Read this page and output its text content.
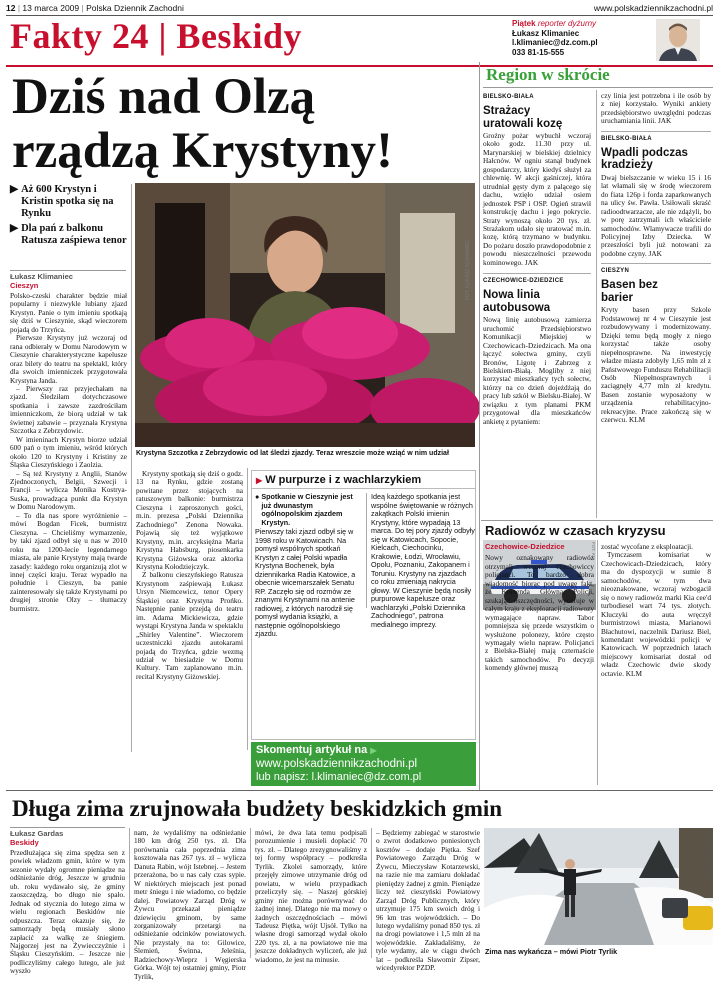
12 | 13 marca 2009 | Polska Dziennik Zachodni	www.polskadziennikzachodni.pl
Fakty 24 | Beskidy	Piątek reporter dyżurny
Łukasz Klimaniec
l.klimaniec@dz.com.pl
033 81-15-555
Dziś nad Olzą
rządzą Krystyny!
▶ Aż 600 Krystyn i Kristin spotka się na Rynku
▶ Dla pań z balkonu Ratusza zaśpiewa tenor
Łukasz Klimaniec
Cieszyn

Polsko-czeski charakter będzie miał popularny i niezwykle lubiany zjazd Krystyn. Panie o tym imieniu spotkają się dziś w Cieszynie, skąd wieczorem pojadą do Trzyńca.

Pierwsze Krystyny już wczoraj od rana odbierały w Domu Narodowym w Cieszynie charakterystyczne kapelusze oraz bilety do teatru na spektakl, który dla swoich imienniczek przygotowała Krystyna Janda.

– Pierwszy raz przyjechałam na zjazd. Śledziłam dotychczasowe spotkania i zawsze zazdrościłam imienniczkom, że biorą udział w tak świetnej zabawie – przyznała Krystyna Szczotka z Zebrzydowic.

W imieninach Krystyn biorze udział 600 pań o tym imieniu, wśród których około 120 to Krystyny i Kristiny ze Śląska Cieszyńskiego i Zaolzia.

– Są też Krystyny z Anglii, Stanów Zjednoczonych, Belgii, Szwecji i Francji – wylicza Monika Kostrya-Suska, prowadząca punkt dla Krystyn w Domu Narodowym.

– To dla nas spore wyróżnienie – mówi Bogdan Ficek, burmistrz Cieszyna. – Chcieliśmy wymarzenie, by taki zjazd odbył się u nas w 2010 roku na 1200-lecie legendarnego miasta, ale panie Krystyny mają twarde zasady: każdego roku organizują zlot w innej części kraju. Teraz wypadło na południe i Cieszyn, ba panie zainteresowały się także Krystynami po drugiej stronie Olzy – tłumaczy burmistrz.

FOT. ŁUKASZ KLIMANIEC
Krystyna Szczotka z Zebrzydowic od lat śledzi zjazdy. Teraz wreszcie może wziąć w nim udział

Krystyny spotkają się dziś o godz. 13 na Rynku, gdzie zostaną powitane przez stojących na ratuszowym balkonie: burmistrza Cieszyna i zaproszonych gości, m.in. prezesa „Polski Dziennika Zachodniego” Zenona Nowaka. Pojawią się też wyjątkowe Krystyny, m.in. arcyksiężna Maria Krystyna Habsburg, piosenkarka Krystyna Giżowska oraz aktorka Krystyna Kołodziejczyk.

Z balkonu cieszyńskiego Ratusza Krystynom zaśpiewają Łukasz Ursyn Niemcewicz, tenor Opery Śląskiej oraz Krystyna Prońko. Następnie panie przejdą do teatru im. Adama Mickiewicza, gdzie wystąpi Krystyna Janda w spektaklu „Shirley Valentine”. Wieczorem uczestniczki zjazdu autokarami pojadą do Trzyńca, gdzie wezmą udział w biesiadzie w Domu Kultury. Tam zaplanowano m.in. recital Krystyny Giżowskiej.

▶ W purpurze i z wachlarzykiem
● Spotkanie w Cieszynie jest już dwunastym ogólnopolskim zjazdem Krystyn.
Pierwszy taki zjazd odbył się w 1998 roku w Katowicach. Na pomysł wspólnych spotkań Krystyn z całej Polski wpadła Krystyna Bochenek, była dziennikarka Radia Katowice, a obecnie wicemarszałek Senatu RP. Zaczęło się od rozmów ze znanymi Krystynami na antenie radiowej, z których narodził się pomysł wydania książki, a następnie ogólnopolskiego zjazdu.
Ideą każdego spotkania jest wspólne świętowanie w różnych zakątkach Polski imienin Krystyny, które wypadają 13 marca. Do tej pory zjazdy odbyły się w Katowicach, Sopocie, Kielcach, Ciechocinku, Krakowie, Łodzi, Wrocławiu, Opolu, Poznaniu, Zakopanem i Toruniu. Krystyny na zjazdach co roku zmieniają nakrycia głowy. W Cieszynie będą nosiły purpurowe kapelusze oraz wachlarzyki „Polski Dziennika Zachodniego”, patrona medialnego imprezy.
Skomentuj artykuł na ▶
www.polskadziennikzachodni.pl
lub napisz: l.klimaniec@dz.com.pl
Region w skrócie
BIELSKO-BIAŁA
Strażacy uratowali kozę
Groźny pożar wybuchł wczoraj około godz. 11.30 przy ul. Marynarskiej w bielskiej dzielnicy Hałcnów. W ogniu stanął budynek gospodarczy, który kiedyś służył za chlewnię. W akcji gaśniczej, która utrudniał gęsty dym z palącego się dachu, wzięło udział osiem jednostek PSP i OSP. Ogień strawił konstrukcję dachu i jego pokrycie. Straty wynoszą około 20 tys. zł. Strażakom udało się uratować m.in. kozę, którą trzymano w budynku. Do pożaru doszło prawdopodobnie z powodu nieszczelności przewodu kominowego. JAK
CZECHOWICE-DZIEDZICE
Nowa linia autobusowa
Nową linię autobusową zamierza uruchomić Przedsiębiorstwo Komunikacji Miejskiej w Czechowicach-Dziedzicach. Ma ona łączyć sołectwa gminy, czyli Bronów, Ligotę i Zabrzeg z Bielskiem-Białą. Mogliby z niej korzystać mieszkańcy tych sołectw, którzy na co dzień dojeżdżają do pracy lub szkół w Bielsku-Białej. W związku z tym planami PKM przygotował dla mieszkańców ankietę z pytaniem:
czy linia jest potrzebna i ile osób by z niej korzystało. Wyniki ankiety przedsiębiorstwo uwzględni podczas uruchamiania linii. JAK
BIELSKO-BIAŁA
Wpadli podczas kradzieży
Dwaj bielszczanie w wieku 15 i 16 lat włamali się w środę wieczorem do fiata 126p i forda zaparkowanych na ulicy św. Pawła. Usiłowali skraść radioodtwarzacze, ale nie zdążyli, bo w porę zatrzymali ich właściciele samochodów. Wlamywacze trafili do Policyjnej Izby Dziecka. W przeszłości byli już notowani za podobne czyny. JAK
CIESZYN
Basen bez barier
Kryty basen przy Szkole Podstawowej nr 4 w Cieszynie jest rozbudowywany i modernizowany. Dzięki temu będą mogły z niego korzystać także osoby niepełnosprawne. Na inwestycję władze miasta zdobyły 1,65 mln zł z Państwowego Funduszu Rehabilitacji Osób Niepełnosprawnych i zaciągnęły 4,77 mln zł kredytu. Basen zostanie wyposażony w urządzenia rehabilitacyjno-rekreacyjne. Prace zakończą się w czerwcu. KLM
Radiowóz w czasach kryzysu
FOT. KIA
Czechowice-Dziedzice
Nowy oznakowany radiowóz otrzymali wczoraj czechowiccy policjanci. To bardzo dobra wiadomość biorąc pod uwagę fakt, że Komenda Główna Policji, szukając oszczędności, wycofuje w całym kraju z eksploatacji radiowozy wymagające napraw. Tabor pomniejsza się przede wszystkim o wysłużone polonezy, które często wymagały wielu napraw. Policjanci z Bielska-Białej mają czternaście takich samochodów. Po decyzji komendy głównej muszą
zostać wycofane z eksploatacji.

Tymczasem komisariat w Czechowicach-Dziedzicach, który ma do dyspozycji w sumie 8 samochodów, w tym dwa nieoznakowane, wczoraj wzbogacił się o nowy radiowóz marki Kia cee'd turbodiesel wart 74 tys. złotych. Kluczyki do auta wręczył burmistrzowi miasta, Marianowi Błachutowi, naczelnik Dariusz Biel, komendant wojewódzki policji w Katowicach. W poprzednich latach miejscowy komisariat dostał od władz Czechowic dwie skody octavie. KLM

Długa zima zrujnowała budżety beskidzkich gmin
Łukasz Gardas
Beskidy
Przedłużająca się zima spędza sen z powiek władzom gmin, które w tym sezonie wydały ogromne pieniądze na odśnieżanie dróg. Jeszcze w grudniu ub. roku wydawało się, że gminy zaoszczędzą, bo długo nie spało. Jednak od stycznia do lutego zima w wielu regionach Beskidów nie odpuszcza. Teraz okazuje się, że samorządy będą musiały słono zapłacić za walkę ze śniegiem. Najgorzej jest na Żywiecczyźnie i Śląsku Cieszyńskim. – Jeszcze nie podliczyliśmy całego lutego, ale już wyszło
nam, że wydaliśmy na odśnieżanie 180 km dróg 250 tys. zł. Dla porównania cała poprzednia zima kosztowała nas 267 tys. zł – wylicza Danuta Rabin, wójt Istebnej. – Jestem przerażona, bo u nas cały czas sypie. W niektórych miejscach jest ponad metr śniegu i nie wiadomo, co będzie dalej. Powiatowy Zarząd Dróg w Żywcu przekazał pieniądze dziewięciu gminom, by same zorganizowały przetargi na odśnieżanie odcinków powiatowych. Nie przystały na to: Gilowice, Ślemień, Świnna, Jeleśnia, Radziechowy-Wieprz i Węgierska Górka. Wójt tej ostatniej gminy, Piotr Tyrlik,
mówi, że dwa lata temu podpisali porozumienie i musieli dopłacić 70 tys. zł. – Dlatego zrezygnowaliśmy z tej formy współpracy – podkreśla Tyrlik. Zkolei samorządy, które przejęły zimowe utrzymanie dróg od powiatu, w wielu przypadkach przeliczyły się. – Naszej górskiej gminy nie można porównywać do żadnej innej. Dlatego nie ma mowy o żadnych oszczędnościach – mówi Tadeusz Piętka, wójt Ujsół. Tylko na własne drogi samorząd wydał około 220 tys. zł, a na powiatowe nie ma jeszcze dokładnych wyliczeń, ale już wiadomo, że jest na minusie.
– Będziemy zabiegać w starostwie o zwrot dodatkowo poniesionych kosztów – dodaje Piętka. Szef Powiatowego Zarządu Dróg w Żywcu, Mieczysław Kotarzewski, na razie nie ma zamiaru dokładać pieniędzy żadnej z gmin. Pieniądze liczy też cieszyński Powiatowy Zarząd Dróg Publicznych, który utrzymuje 175 km swoich dróg i 96 km tras wojewódzkich. – Do lutego wydaliśmy ponad 850 tys. zł na drogi powiatowe i 1,5 mln zł na wojewódzkie. Zakładaliśmy, że tyle wydamy, ale w ciągu dwóch lat – podkreśla Sławomir Zipser, wicedyrektor PZDP.
FOT. ŁUKASZ GARDAS
Zima nas wykańcza – mówi Piotr Tyrlik
